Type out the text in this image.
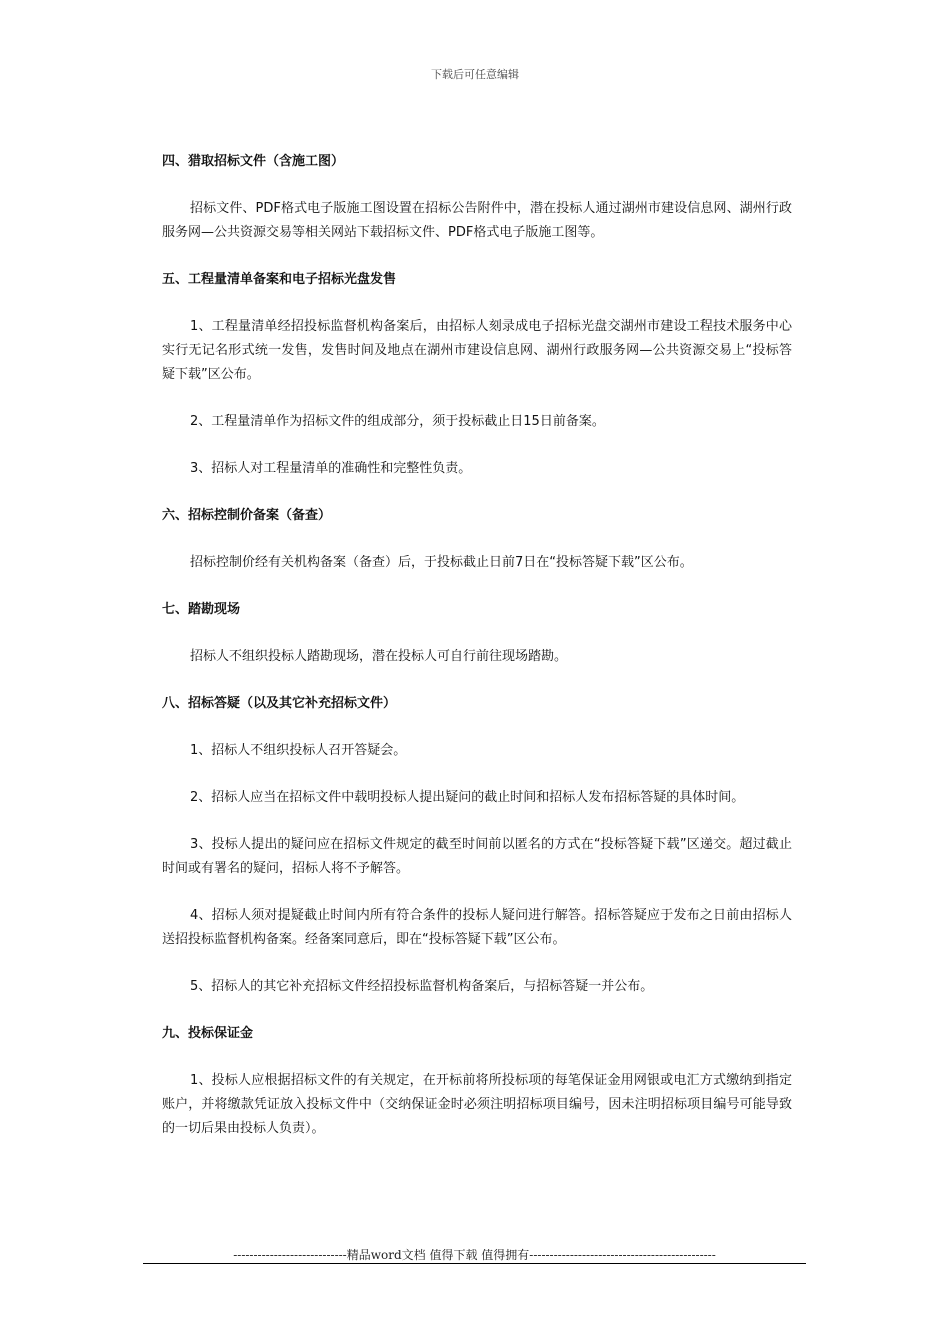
下载后可任意编辑

四、猎取招标文件（含施工图）

招标文件、PDF格式电子版施工图设置在招标公告附件中，潜在投标人通过湖州市建设信息网、湖州行政服务网—公共资源交易等相关网站下载招标文件、PDF格式电子版施工图等。

五、工程量清单备案和电子招标光盘发售

1、工程量清单经招投标监督机构备案后，由招标人刻录成电子招标光盘交湖州市建设工程技术服务中心实行无记名形式统一发售，发售时间及地点在湖州市建设信息网、湖州行政服务网—公共资源交易上“投标答疑下载”区公布。

2、工程量清单作为招标文件的组成部分，须于投标截止日15日前备案。

3、招标人对工程量清单的准确性和完整性负责。

六、招标控制价备案（备查）

招标控制价经有关机构备案（备查）后，于投标截止日前7日在“投标答疑下载”区公布。

七、踏勘现场

招标人不组织投标人踏勘现场，潜在投标人可自行前往现场踏勘。

八、招标答疑（以及其它补充招标文件）

1、招标人不组织投标人召开答疑会。

2、招标人应当在招标文件中载明投标人提出疑问的截止时间和招标人发布招标答疑的具体时间。

3、投标人提出的疑问应在招标文件规定的截至时间前以匿名的方式在“投标答疑下载”区递交。超过截止时间或有署名的疑问，招标人将不予解答。

4、招标人须对提疑截止时间内所有符合条件的投标人疑问进行解答。招标答疑应于发布之日前由招标人送招投标监督机构备案。经备案同意后，即在“投标答疑下载”区公布。

5、招标人的其它补充招标文件经招投标监督机构备案后，与招标答疑一并公布。

九、投标保证金

1、投标人应根据招标文件的有关规定，在开标前将所投标项的每笔保证金用网银或电汇方式缴纳到指定账户，并将缴款凭证放入投标文件中（交纳保证金时必须注明招标项目编号，因未注明招标项目编号可能导致的一切后果由投标人负责）。

----------------------------精品word文档 值得下载 值得拥有----------------------------------------------
